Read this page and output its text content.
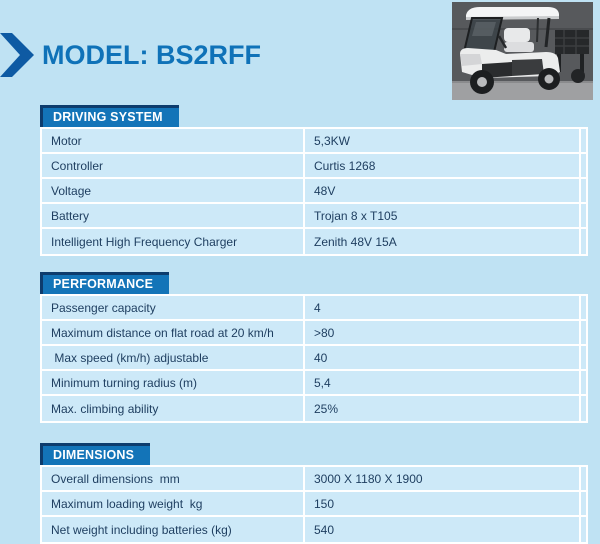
MODEL: BS2RFF
DRIVING SYSTEM
Motor	5,3KW
Controller	Curtis 1268
Voltage	48V
Battery	Trojan 8 x T105
Intelligent High Frequency Charger	Zenith 48V 15A
PERFORMANCE
Passenger capacity	4
Maximum distance on flat road at 20 km/h	>80
Max speed (km/h) adjustable	40
Minimum turning radius (m)	5,4
Max. climbing ability	25%
DIMENSIONS
Overall dimensions  mm	3000 X 1180 X 1900
Maximum loading weight  kg	150
Net weight including batteries (kg)	540
